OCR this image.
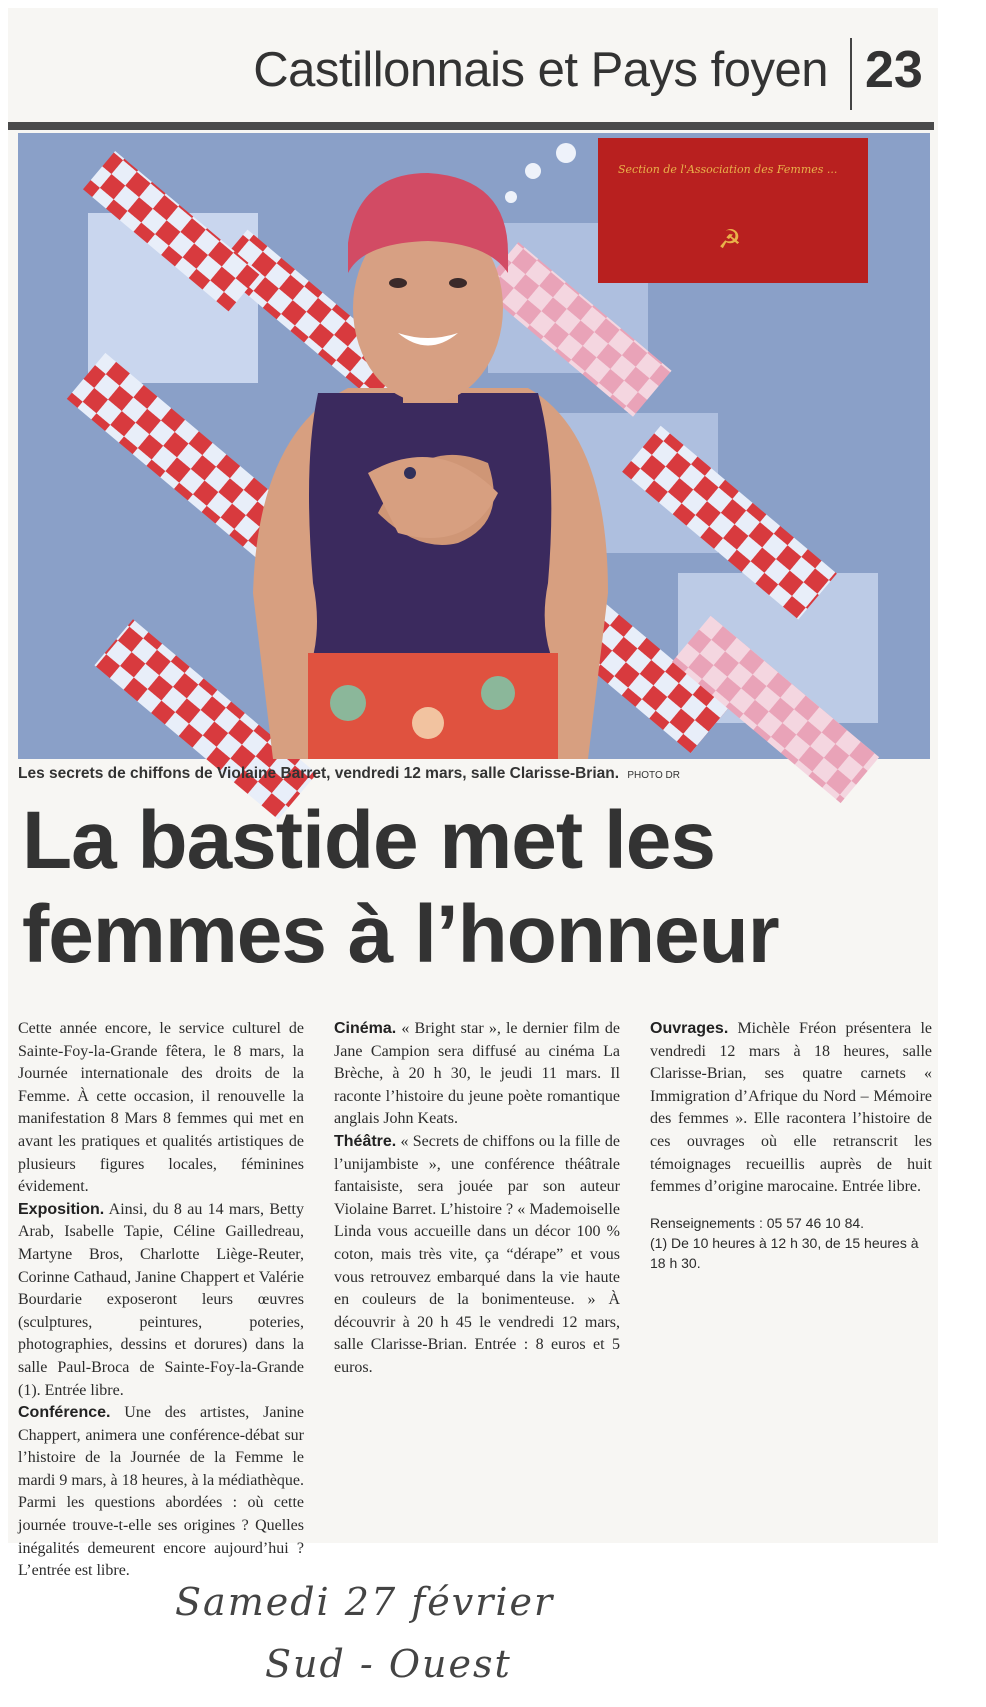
Castillonnais et Pays foyen 23
Section de l'Association des Femmes ...
☭
Les secrets de chiffons de Violaine Barret, vendredi 12 mars, salle Clarisse-Brian. PHOTO DR
La bastide met les
femmes à l’honneur

Cette année encore, le service culturel de Sainte-Foy-la-Grande fêtera, le 8 mars, la Journée internationale des droits de la Femme. À cette occasion, il renouvelle la manifestation 8 Mars 8 femmes qui met en avant les pratiques et qualités artistiques de plusieurs figures locales, féminines évidement.

Exposition. Ainsi, du 8 au 14 mars, Betty Arab, Isabelle Tapie, Céline Gailledreau, Martyne Bros, Charlotte Liège-Reuter, Corinne Cathaud, Janine Chappert et Valérie Bourdarie exposeront leurs œuvres (sculptures, peintures, poteries, photographies, dessins et dorures) dans la salle Paul-Broca de Sainte-Foy-la-Grande (1). Entrée libre.

Conférence. Une des artistes, Janine Chappert, animera une conférence-débat sur l’histoire de la Journée de la Femme le mardi 9 mars, à 18 heures, à la médiathèque. Parmi les questions abordées : où cette journée trouve-t-elle ses origines ? Quelles inégalités demeurent encore aujourd’hui ? L’entrée est libre.

Cinéma. « Bright star », le dernier film de Jane Campion sera diffusé au cinéma La Brèche, à 20 h 30, le jeudi 11 mars. Il raconte l’histoire du jeune poète romantique anglais John Keats.

Théâtre. « Secrets de chiffons ou la fille de l’unijambiste », une conférence théâtrale fantaisiste, sera jouée par son auteur Violaine Barret. L’histoire ? « Mademoiselle Linda vous accueille dans un décor 100 % coton, mais très vite, ça “dérape” et vous vous retrouvez embarqué dans la vie haute en couleurs de la bonimenteuse. » À découvrir à 20 h 45 le vendredi 12 mars, salle Clarisse-Brian. Entrée : 8 euros et 5 euros.

Ouvrages. Michèle Fréon présentera le vendredi 12 mars à 18 heures, salle Clarisse-Brian, ses quatre carnets « Immigration d’Afrique du Nord – Mémoire des femmes ». Elle racontera l’histoire de ces ouvrages où elle retranscrit les témoignages recueillis auprès de huit femmes d’origine marocaine. Entrée libre.

Renseignements : 05 57 46 10 84.
(1) De 10 heures à 12 h 30, de 15 heures à 18 h 30.

Samedi 27 février
Sud - Ouest
